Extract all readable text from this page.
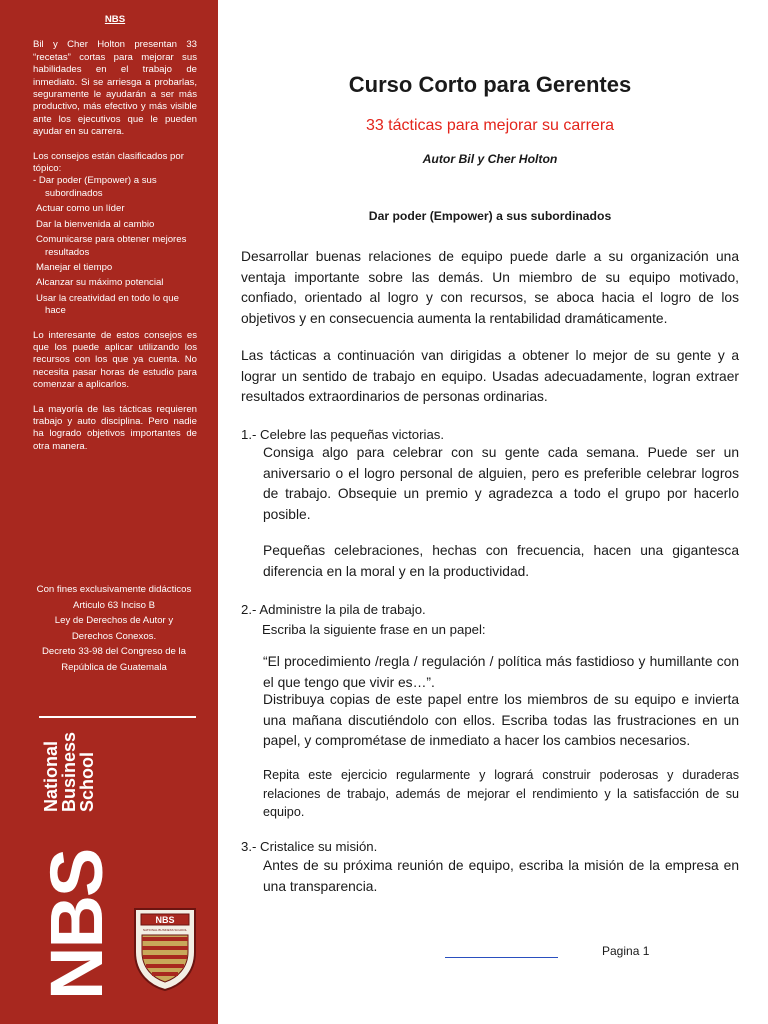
NBS

Bil y Cher Holton presentan 33 “recetas” cortas para mejorar sus habilidades en el trabajo de inmediato. Si se arriesga a probarlas, seguramente le ayudarán a ser más productivo, más efectivo y más visible ante los ejecutivos que le pueden ayudar en su carrera.

Los consejos están clasificados por tópico:

- Dar poder (Empower) a sus subordinados
Actuar como un líder
Dar la bienvenida al cambio
Comunicarse para obtener mejores resultados
Manejar el tiempo
Alcanzar su máximo potencial
Usar la creatividad en todo lo que hace

Lo interesante de estos consejos es que los puede aplicar utilizando los recursos con los que ya cuenta. No necesita pasar horas de estudio para comenzar a aplicarlos.

La mayoría de las tácticas requieren trabajo y auto disciplina. Pero nadie ha logrado objetivos importantes de otra manera.

Con fines exclusivamente didácticos
Articulo 63 Inciso B
Ley de Derechos de Autor y
Derechos Conexos.
Decreto 33-98 del Congreso de la
República de Guatemala
NBS
National
Business
School
NBS
NATIONAL BUSINESS SCHOOL
Curso Corto para Gerentes
33 tácticas para mejorar su carrera
Autor Bil y Cher Holton
Dar poder (Empower) a sus subordinados

Desarrollar buenas relaciones de equipo puede darle a su organización una ventaja importante sobre las demás. Un miembro de su equipo motivado, confiado, orientado al logro y con recursos, se aboca hacia el logro de los objetivos y en consecuencia aumenta la rentabilidad dramáticamente.

Las tácticas a continuación van dirigidas a obtener lo mejor de su gente y a lograr un sentido de trabajo en equipo. Usadas adecuadamente, logran extraer resultados extraordinarios de personas ordinarias.

1.- Celebre las pequeñas victorias.

Consiga algo para celebrar con su gente cada semana. Puede ser un aniversario o el logro personal de alguien, pero es preferible celebrar logros de trabajo. Obsequie un premio y agradezca a todo el grupo por hacerlo posible.

Pequeñas celebraciones, hechas con frecuencia, hacen una gigantesca diferencia en la moral y en la productividad.

2.- Administre la pila de trabajo.
Escriba la siguiente frase en un papel:

“El procedimiento /regla / regulación / política más fastidioso y humillante con el que tengo que vivir es…”.

Distribuya copias de este papel entre los miembros de su equipo e invierta una mañana discutiéndolo con ellos. Escriba todas las frustraciones en un papel, y comprométase de inmediato a hacer los cambios necesarios.

Repita este ejercicio regularmente y logrará construir poderosas y duraderas relaciones de trabajo, además de mejorar el rendimiento y la satisfacción de su equipo.

3.- Cristalice su misión.

Antes de su próxima reunión de equipo, escriba la misión de la empresa en una transparencia.

Pagina 1
